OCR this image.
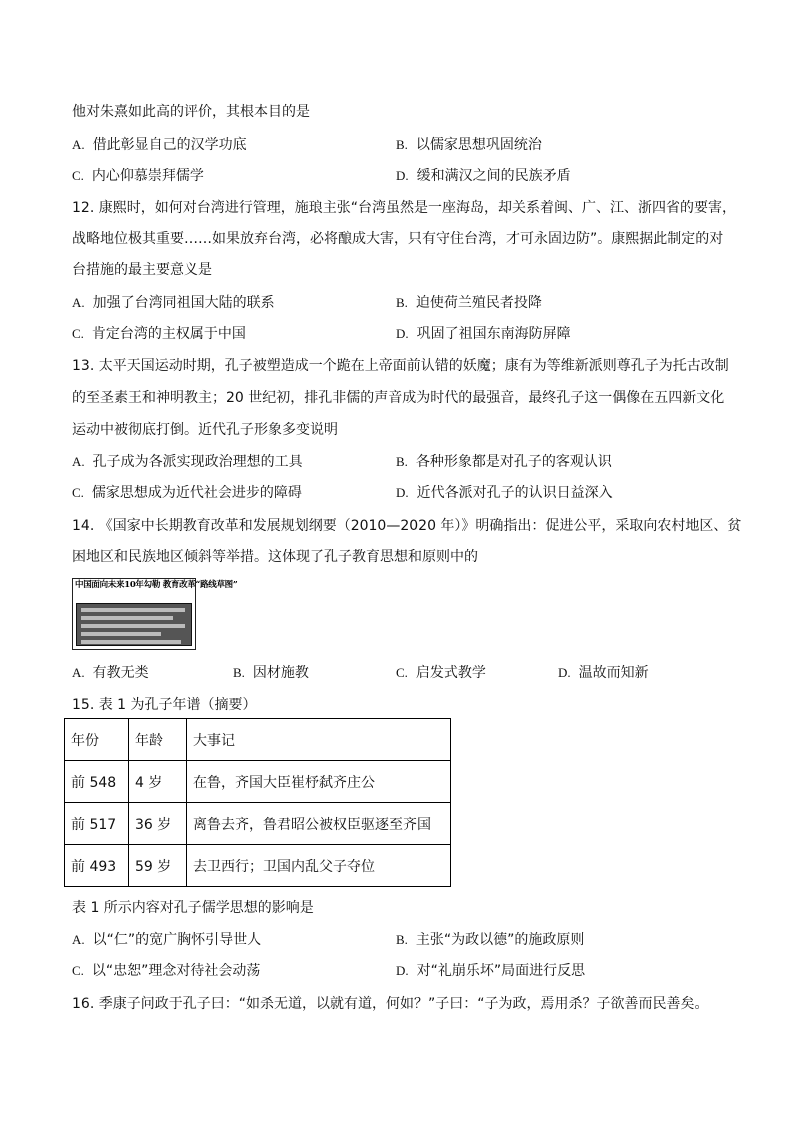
他对朱熹如此高的评价，其根本目的是
A. 借此彰显自己的汉学功底	B. 以儒家思想巩固统治
C. 内心仰慕崇拜儒学	D. 缓和满汉之间的民族矛盾
12. 康熙时，如何对台湾进行管理，施琅主张“台湾虽然是一座海岛，却关系着闽、广、江、浙四省的要害，
战略地位极其重要……如果放弃台湾，必将酿成大害，只有守住台湾，才可永固边防”。康熙据此制定的对
台措施的最主要意义是
A. 加强了台湾同祖国大陆的联系	B. 迫使荷兰殖民者投降
C. 肯定台湾的主权属于中国	D. 巩固了祖国东南海防屏障
13. 太平天国运动时期，孔子被塑造成一个跪在上帝面前认错的妖魔；康有为等维新派则尊孔子为托古改制
的至圣素王和神明教主；20 世纪初，排孔非儒的声音成为时代的最强音，最终孔子这一偶像在五四新文化
运动中被彻底打倒。近代孔子形象多变说明
A. 孔子成为各派实现政治理想的工具	B. 各种形象都是对孔子的客观认识
C. 儒家思想成为近代社会进步的障碍	D. 近代各派对孔子的认识日益深入
14. 《国家中长期教育改革和发展规划纲要（2010—2020 年）》明确指出：促进公平，采取向农村地区、贫
困地区和民族地区倾斜等举措。这体现了孔子教育思想和原则中的
中国面向未来10年勾勒 教育改革“路线草图”
A. 有教无类	B. 因材施教	C. 启发式教学	D. 温故而知新
15. 表 1 为孔子年谱（摘要）
年份	年龄	大事记
前 548	4 岁	在鲁，齐国大臣崔杼弑齐庄公
前 517	36 岁	离鲁去齐，鲁君昭公被权臣驱逐至齐国
前 493	59 岁	去卫西行；卫国内乱父子夺位
表 1 所示内容对孔子儒学思想的影响是
A. 以“仁”的宽广胸怀引导世人	B. 主张“为政以德”的施政原则
C. 以“忠恕”理念对待社会动荡	D. 对“礼崩乐坏”局面进行反思
16. 季康子问政于孔子曰：“如杀无道，以就有道，何如？”子曰：“子为政，焉用杀？子欲善而民善矣。
